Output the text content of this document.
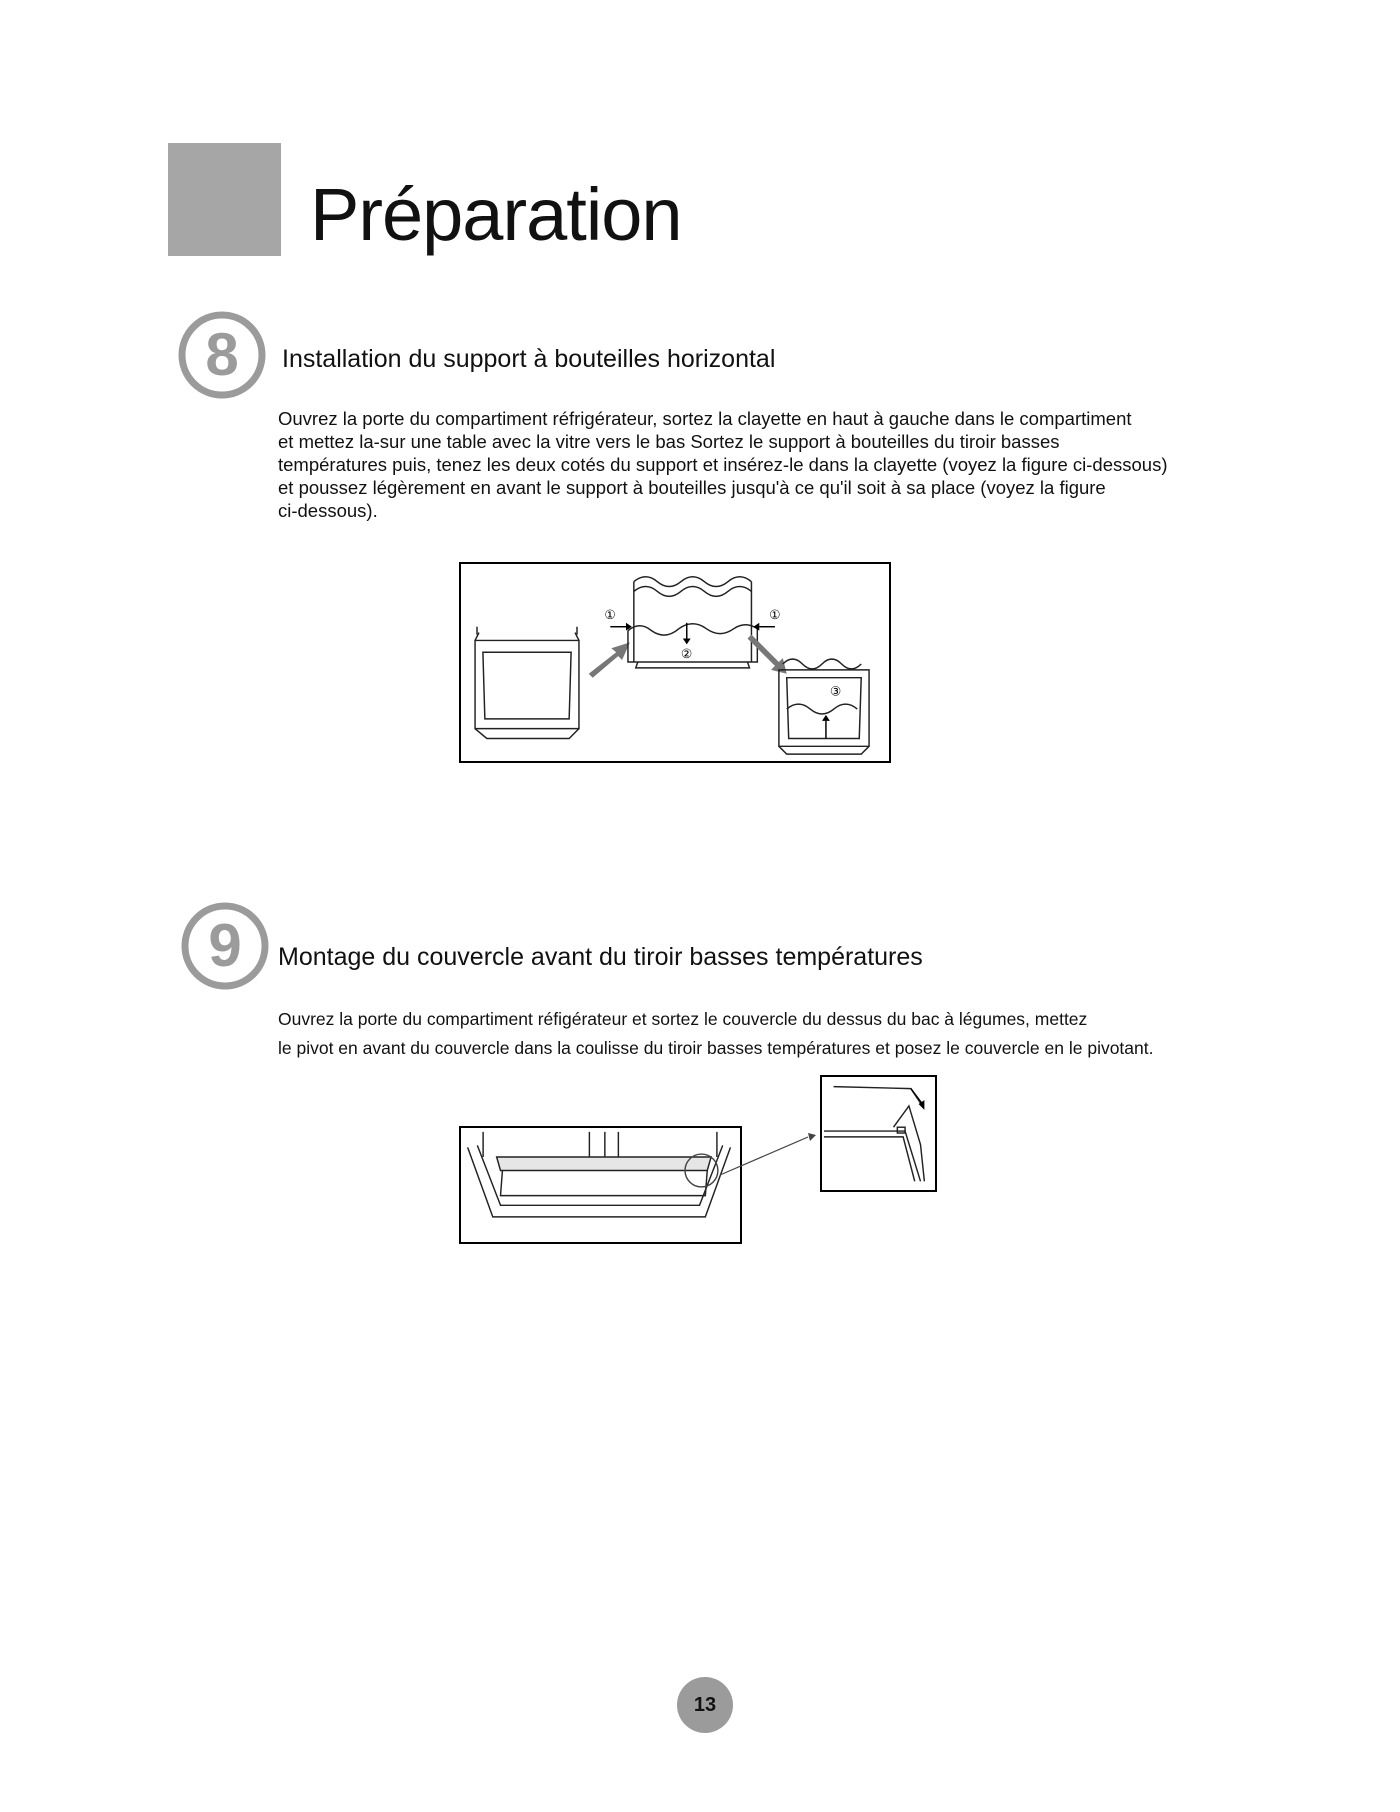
Préparation
8 Installation du support à bouteilles horizontal

Ouvrez la porte du compartiment réfrigérateur, sortez la clayette en haut à gauche dans le compartiment

et mettez la-sur une table avec la vitre vers le bas Sortez le support à bouteilles du tiroir basses

températures puis, tenez les deux cotés du support et insérez-le dans la clayette (voyez la figure ci-dessous)

et poussez légèrement en avant le support à bouteilles jusqu'à ce qu'il soit à sa place (voyez la figure

ci-dessous).

①	①
②
③
9 Montage du couvercle avant du tiroir basses températures

Ouvrez la porte du compartiment réfigérateur et sortez le couvercle du dessus du bac à légumes, mettez

le pivot en avant du couvercle dans la coulisse du tiroir basses températures et posez le couvercle en le pivotant.

13
